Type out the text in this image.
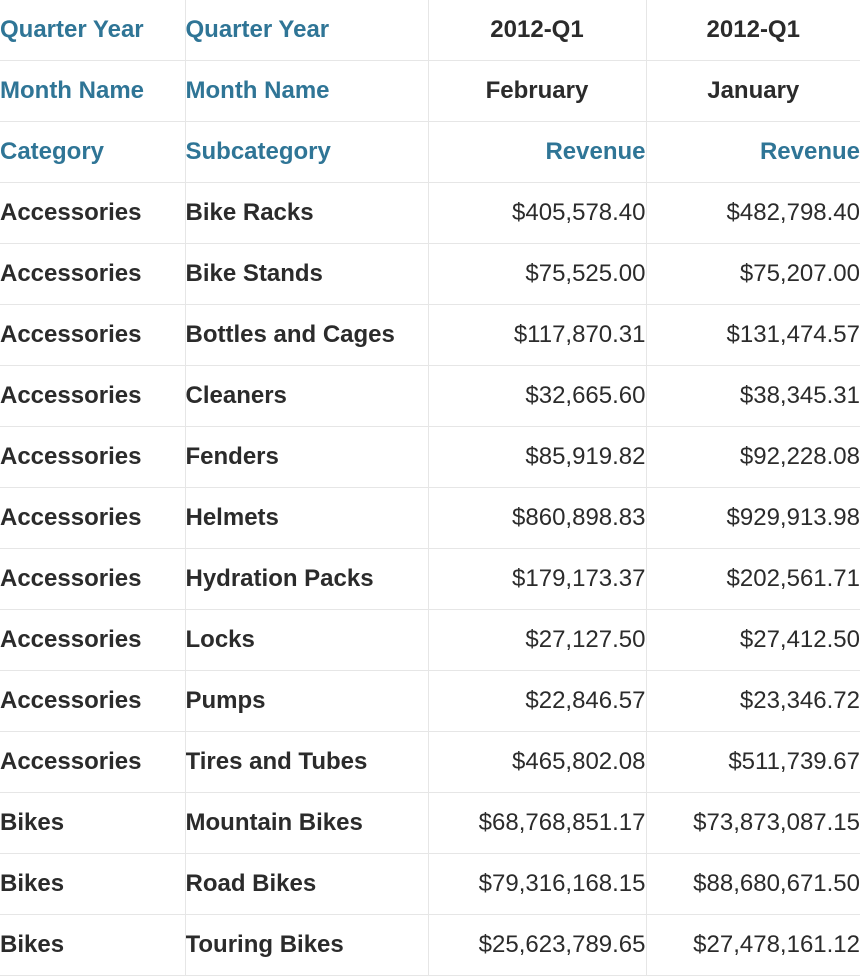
Quarter Year	Quarter Year	2012-Q1	2012-Q1
Month Name	Month Name	February	January
Category	Subcategory	Revenue	Revenue
Accessories	Bike Racks	$405,578.40	$482,798.40
Accessories	Bike Stands	$75,525.00	$75,207.00
Accessories	Bottles and Cages	$117,870.31	$131,474.57
Accessories	Cleaners	$32,665.60	$38,345.31
Accessories	Fenders	$85,919.82	$92,228.08
Accessories	Helmets	$860,898.83	$929,913.98
Accessories	Hydration Packs	$179,173.37	$202,561.71
Accessories	Locks	$27,127.50	$27,412.50
Accessories	Pumps	$22,846.57	$23,346.72
Accessories	Tires and Tubes	$465,802.08	$511,739.67
Bikes	Mountain Bikes	$68,768,851.17	$73,873,087.15
Bikes	Road Bikes	$79,316,168.15	$88,680,671.50
Bikes	Touring Bikes	$25,623,789.65	$27,478,161.12
